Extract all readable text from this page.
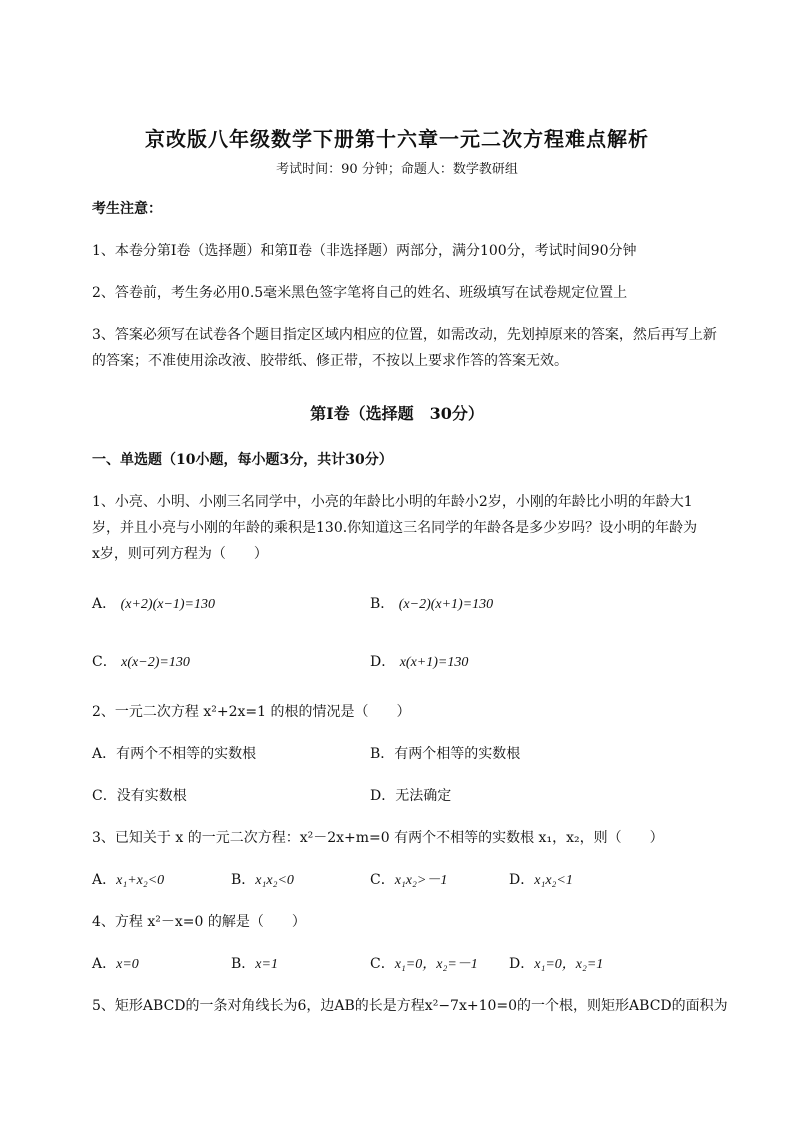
京改版八年级数学下册第十六章一元二次方程难点解析
考试时间：90 分钟；命题人：数学教研组
考生注意：
1、本卷分第Ⅰ卷（选择题）和第Ⅱ卷（非选择题）两部分，满分100分，考试时间90分钟
2、答卷前，考生务必用0.5毫米黑色签字笔将自己的姓名、班级填写在试卷规定位置上
3、答案必须写在试卷各个题目指定区域内相应的位置，如需改动，先划掉原来的答案，然后再写上新
的答案；不准使用涂改液、胶带纸、修正带，不按以上要求作答的答案无效。
第Ⅰ卷（选择题　30分）
一、单选题（10小题，每小题3分，共计30分）
1、小亮、小明、小刚三名同学中，小亮的年龄比小明的年龄小2岁，小刚的年龄比小明的年龄大1
岁，并且小亮与小刚的年龄的乘积是130.你知道这三名同学的年龄各是多少岁吗？设小明的年龄为
x岁，则可列方程为（　　）
A． (x+2)(x−1)=130	B． (x−2)(x+1)=130
C． x(x−2)=130	D． x(x+1)=130
2、一元二次方程 x²+2x=1 的根的情况是（　　）
A．有两个不相等的实数根	B．有两个相等的实数根
C．没有实数根	D．无法确定
3、已知关于 x 的一元二次方程：x²－2x+m=0 有两个不相等的实数根 x₁，x₂，则（　　）
A．x₁+x₂<0	B．x₁x₂<0	C．x₁x₂>－1	D．x₁x₂<1
4、方程 x²－x=0 的解是（　　）
A．x=0	B．x=1	C．x₁=0，x₂=－1 D．x₁=0，x₂=1
5、矩形ABCD的一条对角线长为6，边AB的长是方程x²−7x+10=0的一个根，则矩形ABCD的面积为
